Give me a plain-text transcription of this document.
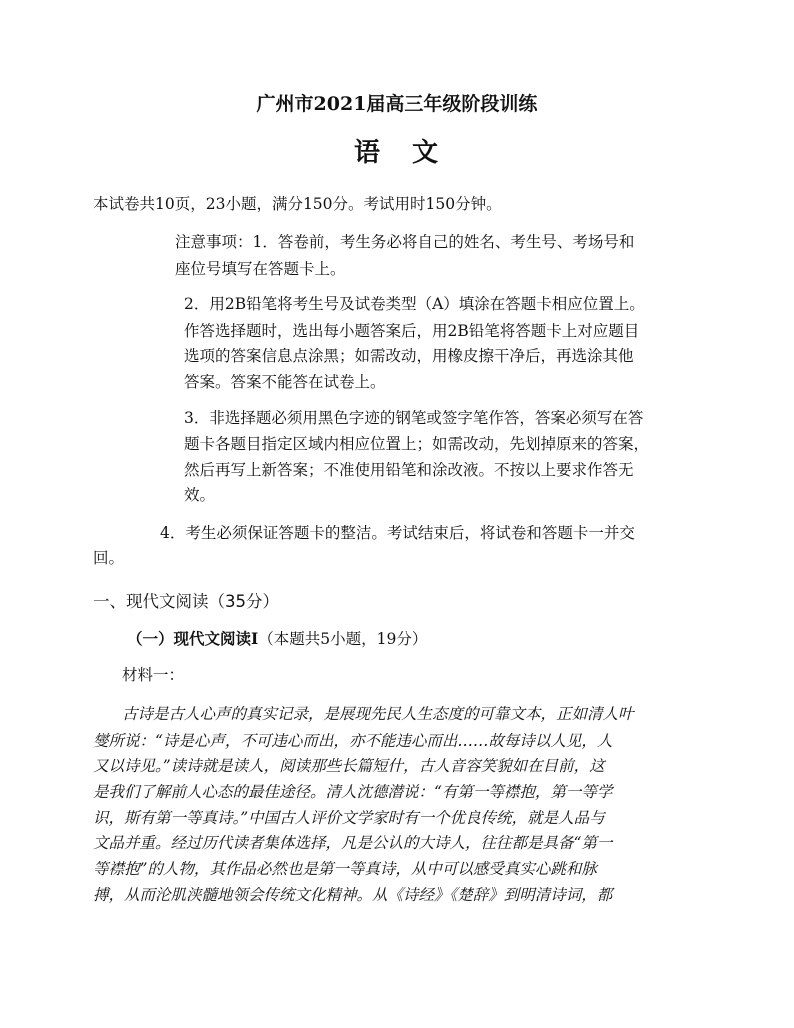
广州市2021届高三年级阶段训练
语 文
本试卷共10页，23小题，满分150分。考试用时150分钟。
注意事项：1．答卷前，考生务必将自己的姓名、考生号、考场号和
座位号填写在答题卡上。
2．用2B铅笔将考生号及试卷类型（A）填涂在答题卡相应位置上。
作答选择题时，选出每小题答案后，用2B铅笔将答题卡上对应题目
选项的答案信息点涂黑；如需改动，用橡皮擦干净后，再选涂其他
答案。答案不能答在试卷上。
3．非选择题必须用黑色字迹的钢笔或签字笔作答，答案必须写在答
题卡各题目指定区域内相应位置上；如需改动，先划掉原来的答案，
然后再写上新答案；不准使用铅笔和涂改液。不按以上要求作答无
效。
4．考生必须保证答题卡的整洁。考试结束后，将试卷和答题卡一并交
回。
一、现代文阅读（35分）
（一）现代文阅读Ⅰ（本题共5小题，19分）
材料一：
古诗是古人心声的真实记录，是展现先民人生态度的可靠文本，正如清人叶
燮所说：“诗是心声，不可违心而出，亦不能违心而出……故每诗以人见，人
又以诗见。”读诗就是读人，阅读那些长篇短什，古人音容笑貌如在目前，这
是我们了解前人心态的最佳途径。清人沈德潜说：“有第一等襟抱，第一等学
识，斯有第一等真诗。”中国古人评价文学家时有一个优良传统，就是人品与
文品并重。经过历代读者集体选择，凡是公认的大诗人，往往都是具备“第一
等襟抱”的人物，其作品必然也是第一等真诗，从中可以感受真实心跳和脉
搏，从而沦肌浃髓地领会传统文化精神。从《诗经》《楚辞》到明清诗词，都
